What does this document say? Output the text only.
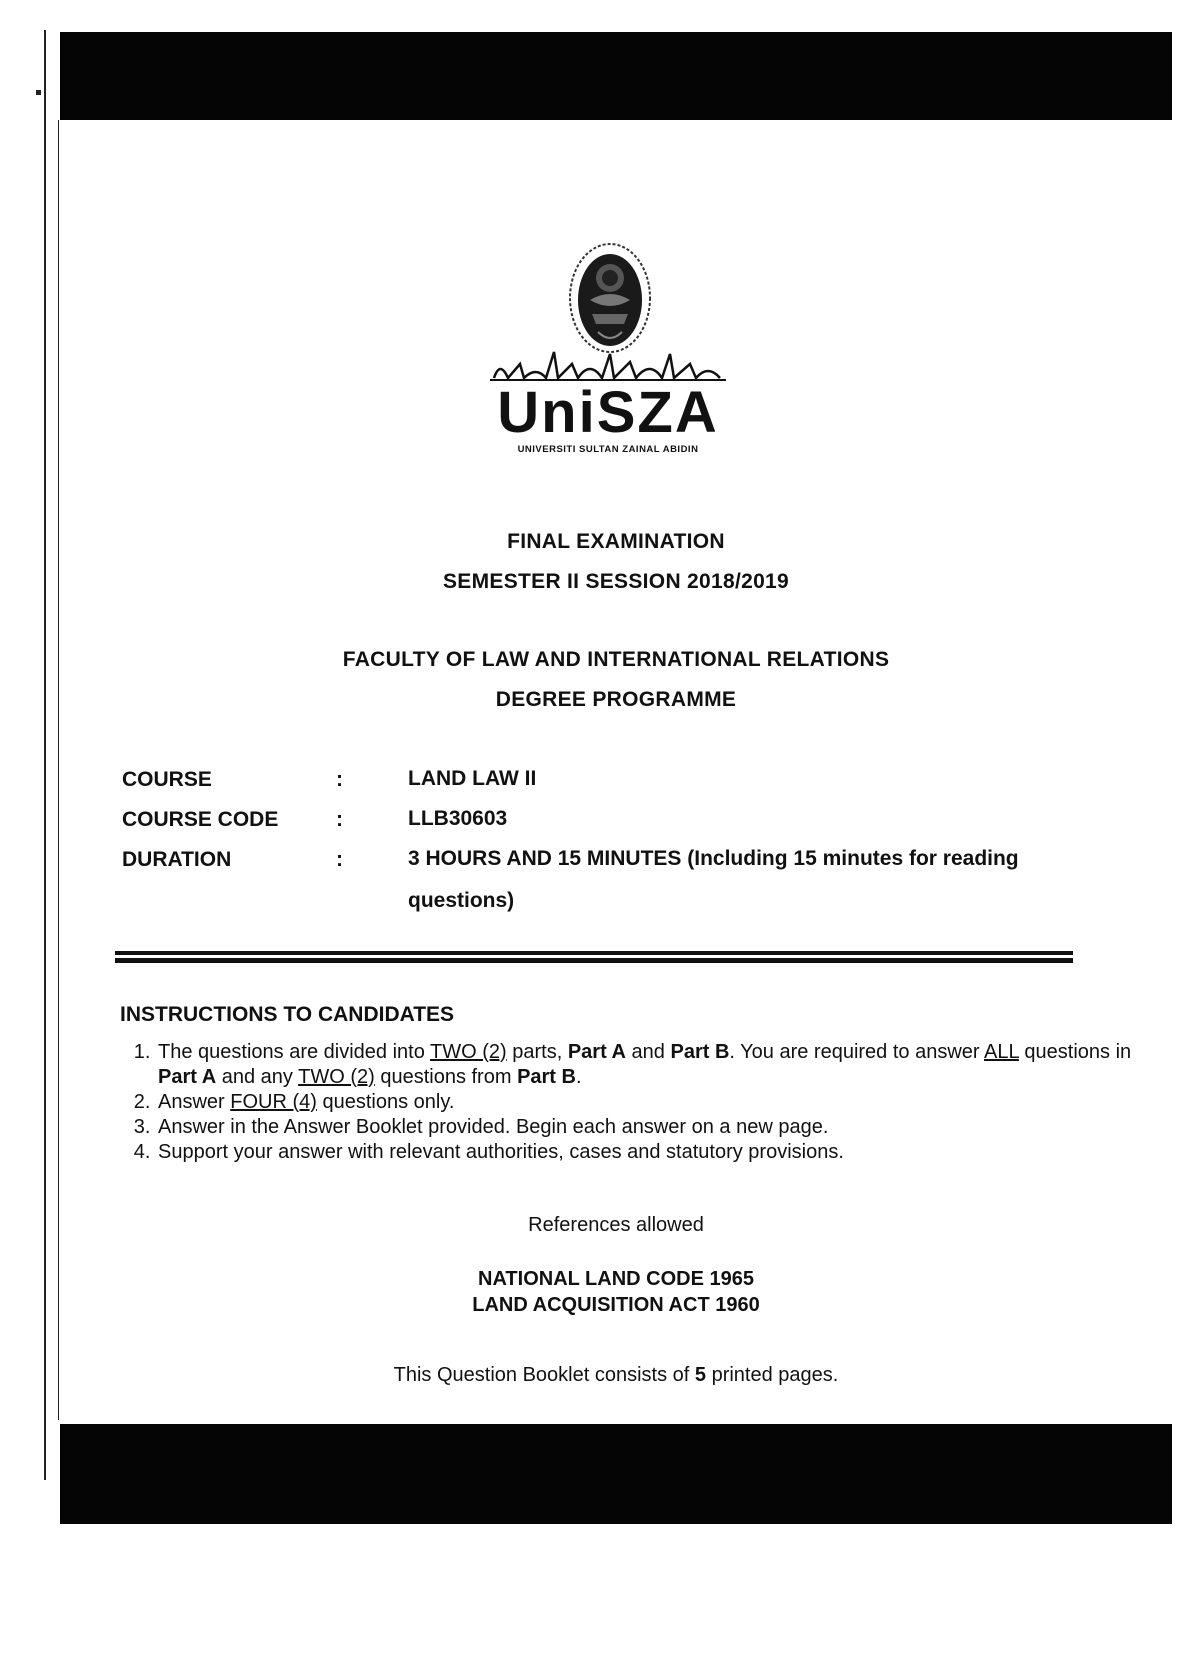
UniSZA
UNIVERSITI SULTAN ZAINAL ABIDIN
FINAL EXAMINATION
SEMESTER II SESSION 2018/2019
FACULTY OF LAW AND INTERNATIONAL RELATIONS
DEGREE PROGRAMME
COURSE	:	LAND LAW II
COURSE CODE	:	LLB30603
DURATION	:	3 HOURS AND 15 MINUTES (Including 15 minutes for reading questions)
INSTRUCTIONS TO CANDIDATES
1. The questions are divided into TWO (2) parts, Part A and Part B. You are required to answer ALL questions in Part A and any TWO (2) questions from Part B.
2. Answer FOUR (4) questions only.
3. Answer in the Answer Booklet provided. Begin each answer on a new page.
4. Support your answer with relevant authorities, cases and statutory provisions.
References allowed
NATIONAL LAND CODE 1965
LAND ACQUISITION ACT 1960
This Question Booklet consists of 5 printed pages.
